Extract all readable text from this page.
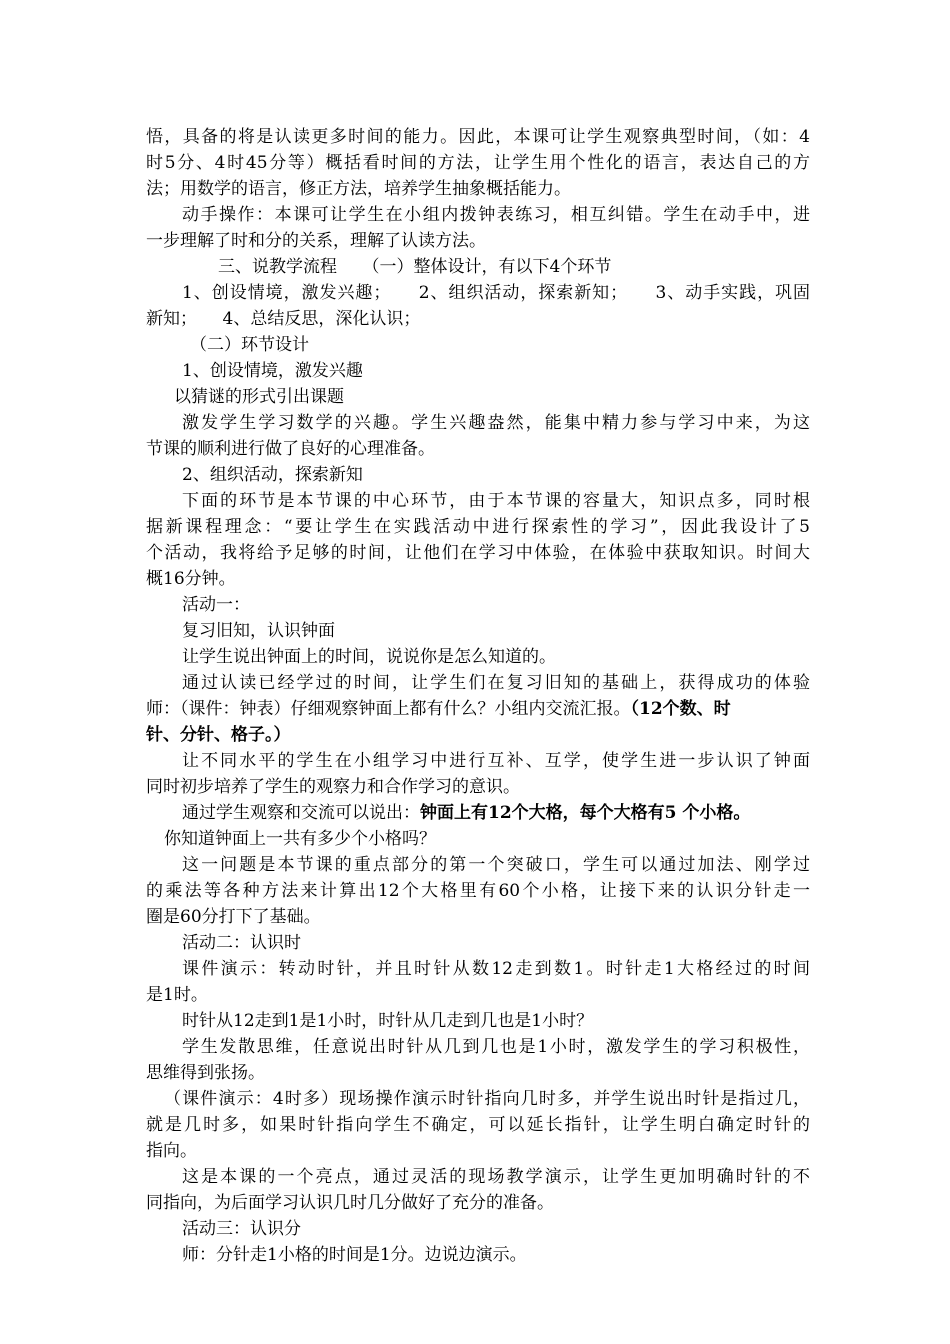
悟，具备的将是认读更多时间的能力。因此，本课可让学生观察典型时间，（如：4
时5分、4时45分等）概括看时间的方法，让学生用个性化的语言，表达自己的方
法；用数学的语言，修正方法，培养学生抽象概括能力。
动手操作：本课可让学生在小组内拨钟表练习，相互纠错。学生在动手中，进
一步理解了时和分的关系，理解了认读方法。
三、说教学流程　　（一）整体设计，有以下4个环节
1、创设情境，激发兴趣；　　2、组织活动，探索新知；　　3、动手实践，巩固
新知；　　4、总结反思，深化认识；
（二）环节设计
1、创设情境，激发兴趣
以猜谜的形式引出课题
激发学生学习数学的兴趣。学生兴趣盎然，能集中精力参与学习中来，为这
节课的顺利进行做了良好的心理准备。
2、组织活动，探索新知
下面的环节是本节课的中心环节，由于本节课的容量大，知识点多，同时根
据新课程理念：“要让学生在实践活动中进行探索性的学习”，因此我设计了5
个活动，我将给予足够的时间，让他们在学习中体验，在体验中获取知识。时间大
概16分钟。
活动一：
复习旧知，认识钟面
让学生说出钟面上的时间，说说你是怎么知道的。
通过认读已经学过的时间，让学生们在复习旧知的基础上，获得成功的体验
师：（课件：钟表）仔细观察钟面上都有什么？小组内交流汇报。（12个数、时
针、分针、格子。）
让不同水平的学生在小组学习中进行互补、互学，使学生进一步认识了钟面
同时初步培养了学生的观察力和合作学习的意识。
通过学生观察和交流可以说出：钟面上有12个大格，每个大格有5 个小格。
你知道钟面上一共有多少个小格吗？
这一问题是本节课的重点部分的第一个突破口，学生可以通过加法、刚学过
的乘法等各种方法来计算出12个大格里有60个小格，让接下来的认识分针走一
圈是60分打下了基础。
活动二：认识时
课件演示：转动时针，并且时针从数12走到数1。时针走1大格经过的时间
是1时。
时针从12走到1是1小时，时针从几走到几也是1小时？
学生发散思维，任意说出时针从几到几也是1小时，激发学生的学习积极性，
思维得到张扬。
（课件演示：4时多）现场操作演示时针指向几时多，并学生说出时针是指过几，
就是几时多，如果时针指向学生不确定，可以延长指针，让学生明白确定时针的
指向。
这是本课的一个亮点，通过灵活的现场教学演示，让学生更加明确时针的不
同指向，为后面学习认识几时几分做好了充分的准备。
活动三：认识分
师：分针走1小格的时间是1分。边说边演示。
